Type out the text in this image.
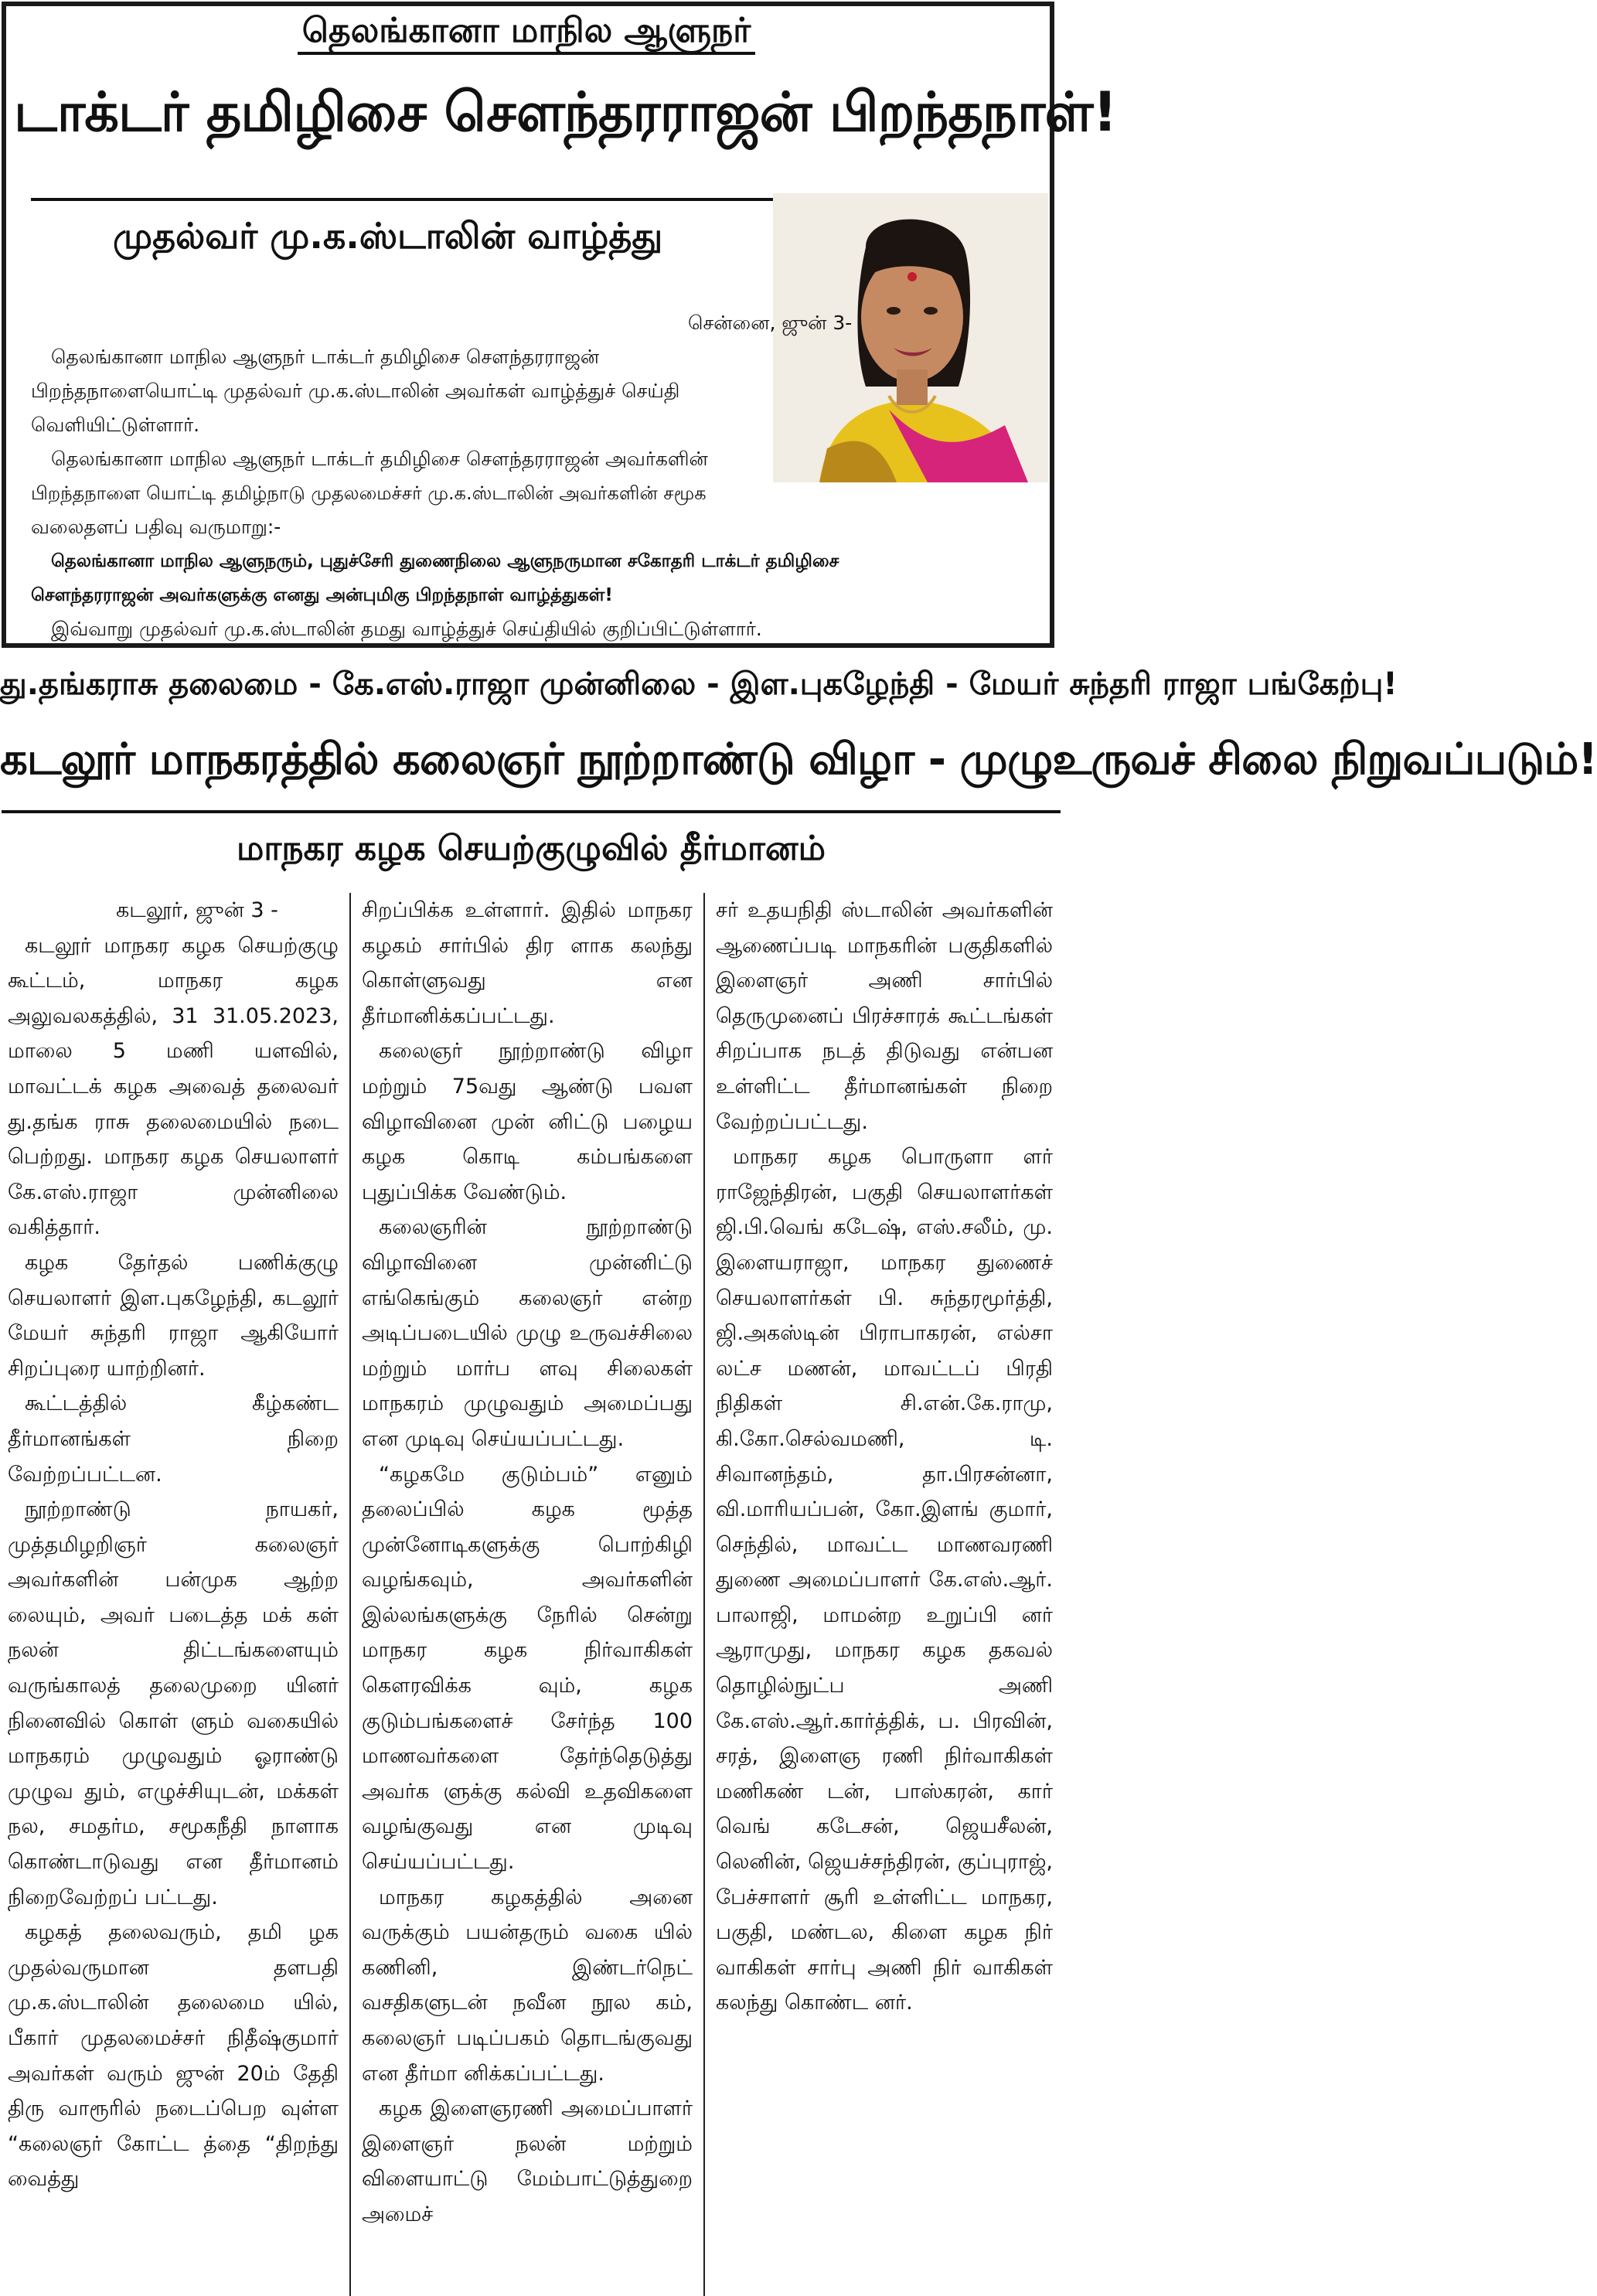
தெலங்கானா மாநில ஆளுநர்
டாக்டர் தமிழிசை சௌந்தரராஜன் பிறந்தநாள்!
முதல்வர் மு.க.ஸ்டாலின் வாழ்த்து
சென்னை, ஜுன் 3-
தெலங்கானா மாநில ஆளுநர் டாக்டர் தமிழிசை சௌந்தரராஜன்
பிறந்தநாளையொட்டி முதல்வர் மு.க.ஸ்டாலின் அவர்கள் வாழ்த்துச் செய்தி
வெளியிட்டுள்ளார்.
தெலங்கானா மாநில ஆளுநர் டாக்டர் தமிழிசை சௌந்தரராஜன் அவர்களின்
பிறந்தநாளை யொட்டி தமிழ்நாடு முதலமைச்சர் மு.க.ஸ்டாலின் அவர்களின் சமூக
வலைதளப் பதிவு வருமாறு:-
தெலங்கானா மாநில ஆளுநரும், புதுச்சேரி துணைநிலை ஆளுநருமான சகோதரி டாக்டர் தமிழிசை
சௌந்தரராஜன் அவர்களுக்கு எனது அன்புமிகு பிறந்தநாள் வாழ்த்துகள்!
இவ்வாறு முதல்வர் மு.க.ஸ்டாலின் தமது வாழ்த்துச் செய்தியில் குறிப்பிட்டுள்ளார்.
து.தங்கராசு தலைமை - கே.எஸ்.ராஜா முன்னிலை - இள.புகழேந்தி - மேயர் சுந்தரி ராஜா பங்கேற்பு!
கடலூர் மாநகரத்தில் கலைஞர் நூற்றாண்டு விழா - முழுஉருவச் சிலை நிறுவப்படும்!
மாநகர கழக செயற்குழுவில் தீர்மானம்

கடலூர், ஜுன் 3 -

கடலூர் மாநகர கழக செயற்குழு கூட்டம், மாநகர கழக அலுவலகத்தில், 31 31.05.2023, மாலை 5 மணி யளவில், மாவட்டக் கழக அவைத் தலைவர் து.தங்க ராசு தலைமையில் நடை பெற்றது. மாநகர கழக செயலாளர் கே.எஸ்.ராஜா முன்னிலை வகித்தார்.

கழக தேர்தல் பணிக்குழு செயலாளர் இள.புகழேந்தி, கடலூர் மேயர் சுந்தரி ராஜா ஆகியோர் சிறப்புரை யாற்றினர்.

கூட்டத்தில் கீழ்கண்ட தீர்மானங்கள் நிறை வேற்றப்பட்டன.

நூற்றாண்டு நாயகர், முத்தமிழறிஞர் கலைஞர் அவர்களின் பன்முக ஆற்ற லையும், அவர் படைத்த மக் கள் நலன் திட்டங்களையும் வருங்காலத் தலைமுறை யினர் நினைவில் கொள் ளும் வகையில் மாநகரம் முழுவதும் ஓராண்டு முழுவ தும், எழுச்சியுடன், மக்கள் நல, சமதர்ம, சமூகநீதி நாளாக கொண்டாடுவது என தீர்மானம் நிறைவேற்றப் பட்டது.

கழகத் தலைவரும், தமி ழக முதல்வருமான தளபதி மு.க.ஸ்டாலின் தலைமை யில், பீகார் முதலமைச்சர் நிதீஷ்குமார் அவர்கள் வரும் ஜுன் 20ம் தேதி திரு வாரூரில் நடைப்பெற வுள்ள “கலைஞர் கோட்ட த்தை “திறந்து வைத்து

சிறப்பிக்க உள்ளார். இதில் மாநகர கழகம் சார்பில் திர ளாக கலந்து கொள்ளுவது என தீர்மானிக்கப்பட்டது.

கலைஞர் நூற்றாண்டு விழா மற்றும் 75வது ஆண்டு பவள விழாவினை முன் னிட்டு பழைய கழக கொடி கம்பங்களை புதுப்பிக்க வேண்டும்.

கலைஞரின் நூற்றாண்டு விழாவினை முன்னிட்டு எங்கெங்கும் கலைஞர் என்ற அடிப்படையில் முழு உருவச்சிலை மற்றும் மார்ப ளவு சிலைகள் மாநகரம் முழுவதும் அமைப்பது என முடிவு செய்யப்பட்டது.

“கழகமே குடும்பம்” எனும் தலைப்பில் கழக மூத்த முன்னோடிகளுக்கு பொற்கிழி வழங்கவும், அவர்களின் இல்லங்களுக்கு நேரில் சென்று மாநகர கழக நிர்வாகிகள் கௌரவிக்க வும், கழக குடும்பங்களைச் சேர்ந்த 100 மாணவர்களை தேர்ந்தெடுத்து அவர்க ளுக்கு கல்வி உதவிகளை வழங்குவது என முடிவு செய்யப்பட்டது.

மாநகர கழகத்தில் அனை வருக்கும் பயன்தரும் வகை யில் கணினி, இண்டர்நெட் வசதிகளுடன் நவீன நூல கம், கலைஞர் படிப்பகம் தொடங்குவது என தீர்மா னிக்கப்பட்டது.

கழக இளைஞரணி அமைப்பாளர் இளைஞர் நலன் மற்றும் விளையாட்டு மேம்பாட்டுத்துறை அமைச்

சர் உதயநிதி ஸ்டாலின் அவர்களின் ஆணைப்படி மாநகரின் பகுதிகளில் இளைஞர் அணி சார்பில் தெருமுனைப் பிரச்சாரக் கூட்டங்கள் சிறப்பாக நடத் திடுவது என்பன உள்ளிட்ட தீர்மானங்கள் நிறை வேற்றப்பட்டது.

மாநகர கழக பொருளா ளர் ராஜேந்திரன், பகுதி செயலாளர்கள் ஜி.பி.வெங் கடேஷ், எஸ்.சலீம், மு. இளையராஜா, மாநகர துணைச் செயலாளர்கள் பி. சுந்தரமூர்த்தி, ஜி.அகஸ்டின் பிராபாகரன், எல்சா லட்ச மணன், மாவட்டப் பிரதி நிதிகள் சி.என்.கே.ராமு, கி.கோ.செல்வமணி, டி. சிவானந்தம், தா.பிரசன்னா, வி.மாரியப்பன், கோ.இளங் குமார், செந்தில், மாவட்ட மாணவரணி துணை அமைப்பாளர் கே.எஸ்.ஆர். பாலாஜி, மாமன்ற உறுப்பி னர் ஆராமுது, மாநகர கழக தகவல் தொழில்நுட்ப அணி கே.எஸ்.ஆர்.கார்த்திக், ப. பிரவின், சரத், இளைஞ ரணி நிர்வாகிகள் மணிகண் டன், பாஸ்கரன், கார் வெங் கடேசன், ஜெயசீலன், லெனின், ஜெயச்சந்திரன், குப்புராஜ், பேச்சாளர் சூரி உள்ளிட்ட மாநகர, பகுதி, மண்டல, கிளை கழக நிர் வாகிகள் சார்பு அணி நிர் வாகிகள் கலந்து கொண்ட னர்.
